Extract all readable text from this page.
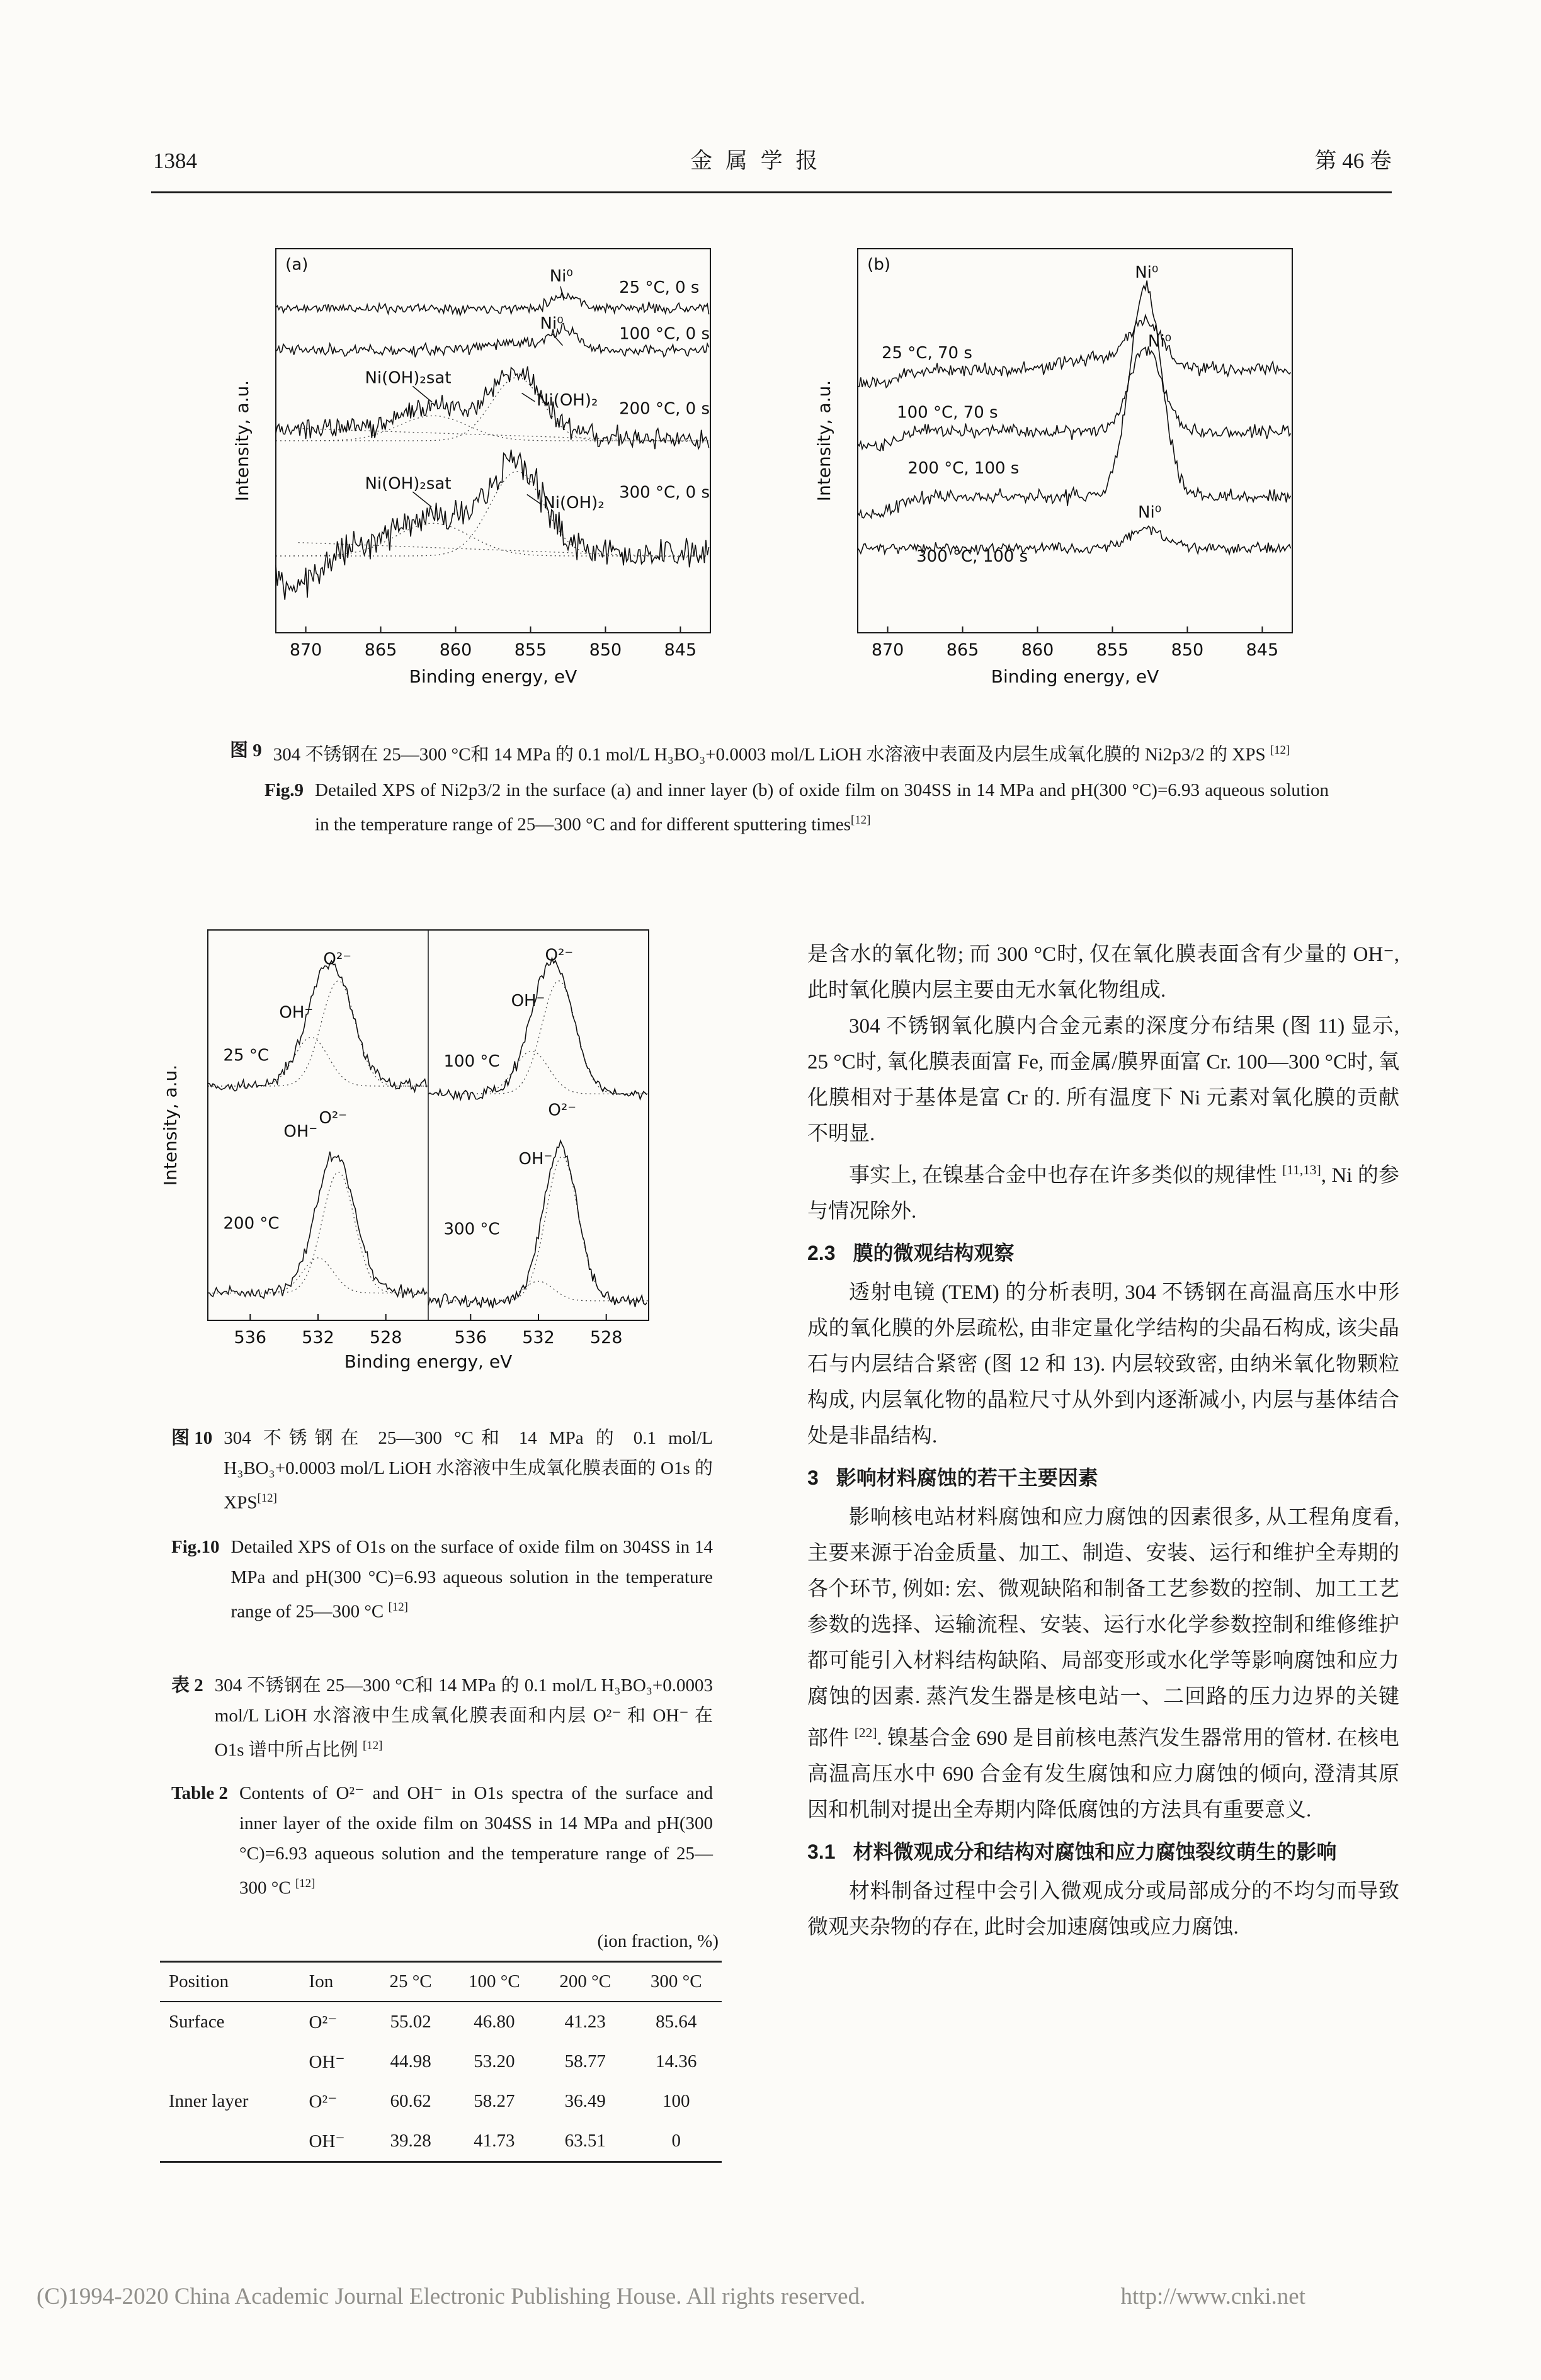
1384	金 属 学 报	第 46 卷
870 865 860 855 850 845
(a)
Ni⁰
25 °C, 0 s
Ni⁰
100 °C, 0 s
Ni(OH)₂sat
Ni(OH)₂ 200 °C, 0 s
Ni(OH)₂sat
Ni(OH)₂
300 °C, 0 s
Binding energy, eV
Intensity, a.u.
870 865 860 855 850 845
(b)	Ni⁰
Ni⁰
25 °C, 70 s
100 °C, 70 s
200 °C, 100 s
Ni⁰
300 °C, 100 s
Binding energy, eV
Intensity, a.u.
图 9 304 不锈钢在 25—300 °C和 14 MPa 的 0.1 mol/L H₃BO₃+0.0003 mol/L LiOH 水溶液中表面及内层生成氧化膜的 Ni2p3/2 的 XPS [12]
Fig.9 Detailed XPS of Ni2p3/2 in the surface (a) and inner layer (b) of oxide film on 304SS in 14 MPa and pH(300 °C)=6.93 aqueous solution in the temperature range of 25—300 °C and for different sputtering times[12]
536 532 528	536 532 528
25 °C
O²⁻
OH⁻
200 °C
OH⁻
O²⁻
100 °C
O²⁻
OH⁻
300 °C
O²⁻
OH⁻
Binding energy, eV
Intensity, a.u.
图 10 304 不锈钢在 25—300 °C和 14 MPa 的 0.1 mol/L H₃BO₃+0.0003 mol/L LiOH 水溶液中生成氧化膜表面的 O1s 的 XPS[12]
Fig.10 Detailed XPS of O1s on the surface of oxide film on 304SS in 14 MPa and pH(300 °C)=6.93 aqueous solution in the temperature range of 25—300 °C [12]
表 2 304 不锈钢在 25—300 °C和 14 MPa 的 0.1 mol/L H₃BO₃+0.0003 mol/L LiOH 水溶液中生成氧化膜表面和内层 O²⁻ 和 OH⁻ 在 O1s 谱中所占比例 [12]
Table 2 Contents of O²⁻ and OH⁻ in O1s spectra of the surface and inner layer of the oxide film on 304SS in 14 MPa and pH(300 °C)=6.93 aqueous solution and the temperature range of 25—300 °C [12]
(ion fraction, %)
Position	Ion	25 °C	100 °C	200 °C	300 °C
Surface	O²⁻	55.02	46.80	41.23	85.64
	OH⁻	44.98	53.20	58.77	14.36
Inner layer	O²⁻	60.62	58.27	36.49	100
	OH⁻	39.28	41.73	63.51	0

是含水的氧化物; 而 300 °C时, 仅在氧化膜表面含有少量的 OH⁻, 此时氧化膜内层主要由无水氧化物组成.

304 不锈钢氧化膜内合金元素的深度分布结果 (图 11) 显示, 25 °C时, 氧化膜表面富 Fe, 而金属/膜界面富 Cr. 100—300 °C时, 氧化膜相对于基体是富 Cr 的. 所有温度下 Ni 元素对氧化膜的贡献不明显.

事实上, 在镍基合金中也存在许多类似的规律性 [11,13], Ni 的参与情况除外.

2.3 膜的微观结构观察

透射电镜 (TEM) 的分析表明, 304 不锈钢在高温高压水中形成的氧化膜的外层疏松, 由非定量化学结构的尖晶石构成, 该尖晶石与内层结合紧密 (图 12 和 13). 内层较致密, 由纳米氧化物颗粒构成, 内层氧化物的晶粒尺寸从外到内逐渐减小, 内层与基体结合处是非晶结构.

3 影响材料腐蚀的若干主要因素

影响核电站材料腐蚀和应力腐蚀的因素很多, 从工程角度看, 主要来源于冶金质量、加工、制造、安装、运行和维护全寿期的各个环节, 例如: 宏、微观缺陷和制备工艺参数的控制、加工工艺参数的选择、运输流程、安装、运行水化学参数控制和维修维护都可能引入材料结构缺陷、局部变形或水化学等影响腐蚀和应力腐蚀的因素. 蒸汽发生器是核电站一、二回路的压力边界的关键部件 [22]. 镍基合金 690 是目前核电蒸汽发生器常用的管材. 在核电高温高压水中 690 合金有发生腐蚀和应力腐蚀的倾向, 澄清其原因和机制对提出全寿期内降低腐蚀的方法具有重要意义.

3.1 材料微观成分和结构对腐蚀和应力腐蚀裂纹萌生的影响

材料制备过程中会引入微观成分或局部成分的不均匀而导致微观夹杂物的存在, 此时会加速腐蚀或应力腐蚀.

(C)1994-2020 China Academic Journal Electronic Publishing House. All rights reserved.	http://www.cnki.net
